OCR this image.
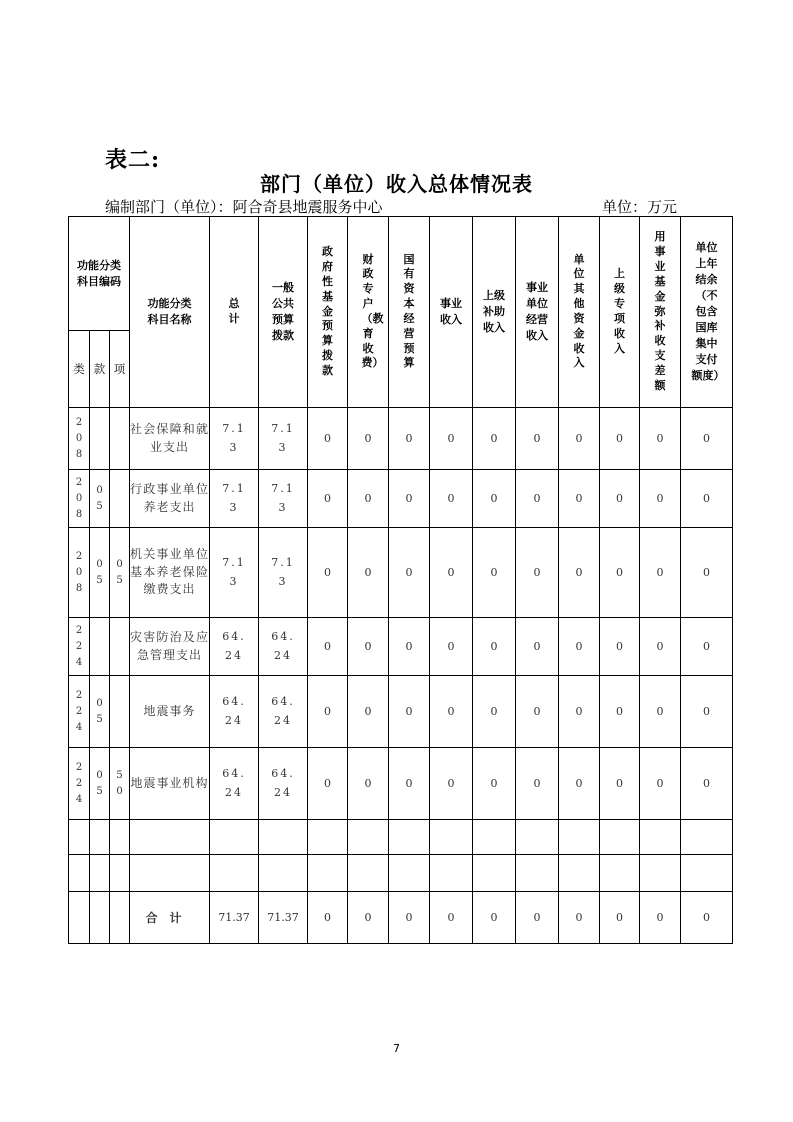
表二:
部门（单位）收入总体情况表
编制部门（单位）：阿合奇县地震服务中心	单位：万元
功能分类科目编码			功能分类科目名称	总计	一般公共预算拨款	政府性基金预算拨款	财政专户（教育收费）	国有资本经营预算	事业收入	上级补助收入	事业单位经营收入	单位其他资金收入	上级专项收入	用事业基金弥补收支差额	单位上年结余（不包含国库集中支付额度）
类	款	项													
208			社会保障和就业支出	7.13	7.13	0	0	0	0	0	0	0	0	0	0
208	05		行政事业单位养老支出	7.13	7.13	0	0	0	0	0	0	0	0	0	0
208	05	05	机关事业单位基本养老保险缴费支出	7.13	7.13	0	0	0	0	0	0	0	0	0	0
224			灾害防治及应急管理支出	64.24	64.24	0	0	0	0	0	0	0	0	0	0
224	05		地震事务	64.24	64.24	0	0	0	0	0	0	0	0	0	0
224	05	50	地震事业机构	64.24	64.24	0	0	0	0	0	0	0	0	0	0

			合计	71.37	71.37	0	0	0	0	0	0	0	0	0	0
7
